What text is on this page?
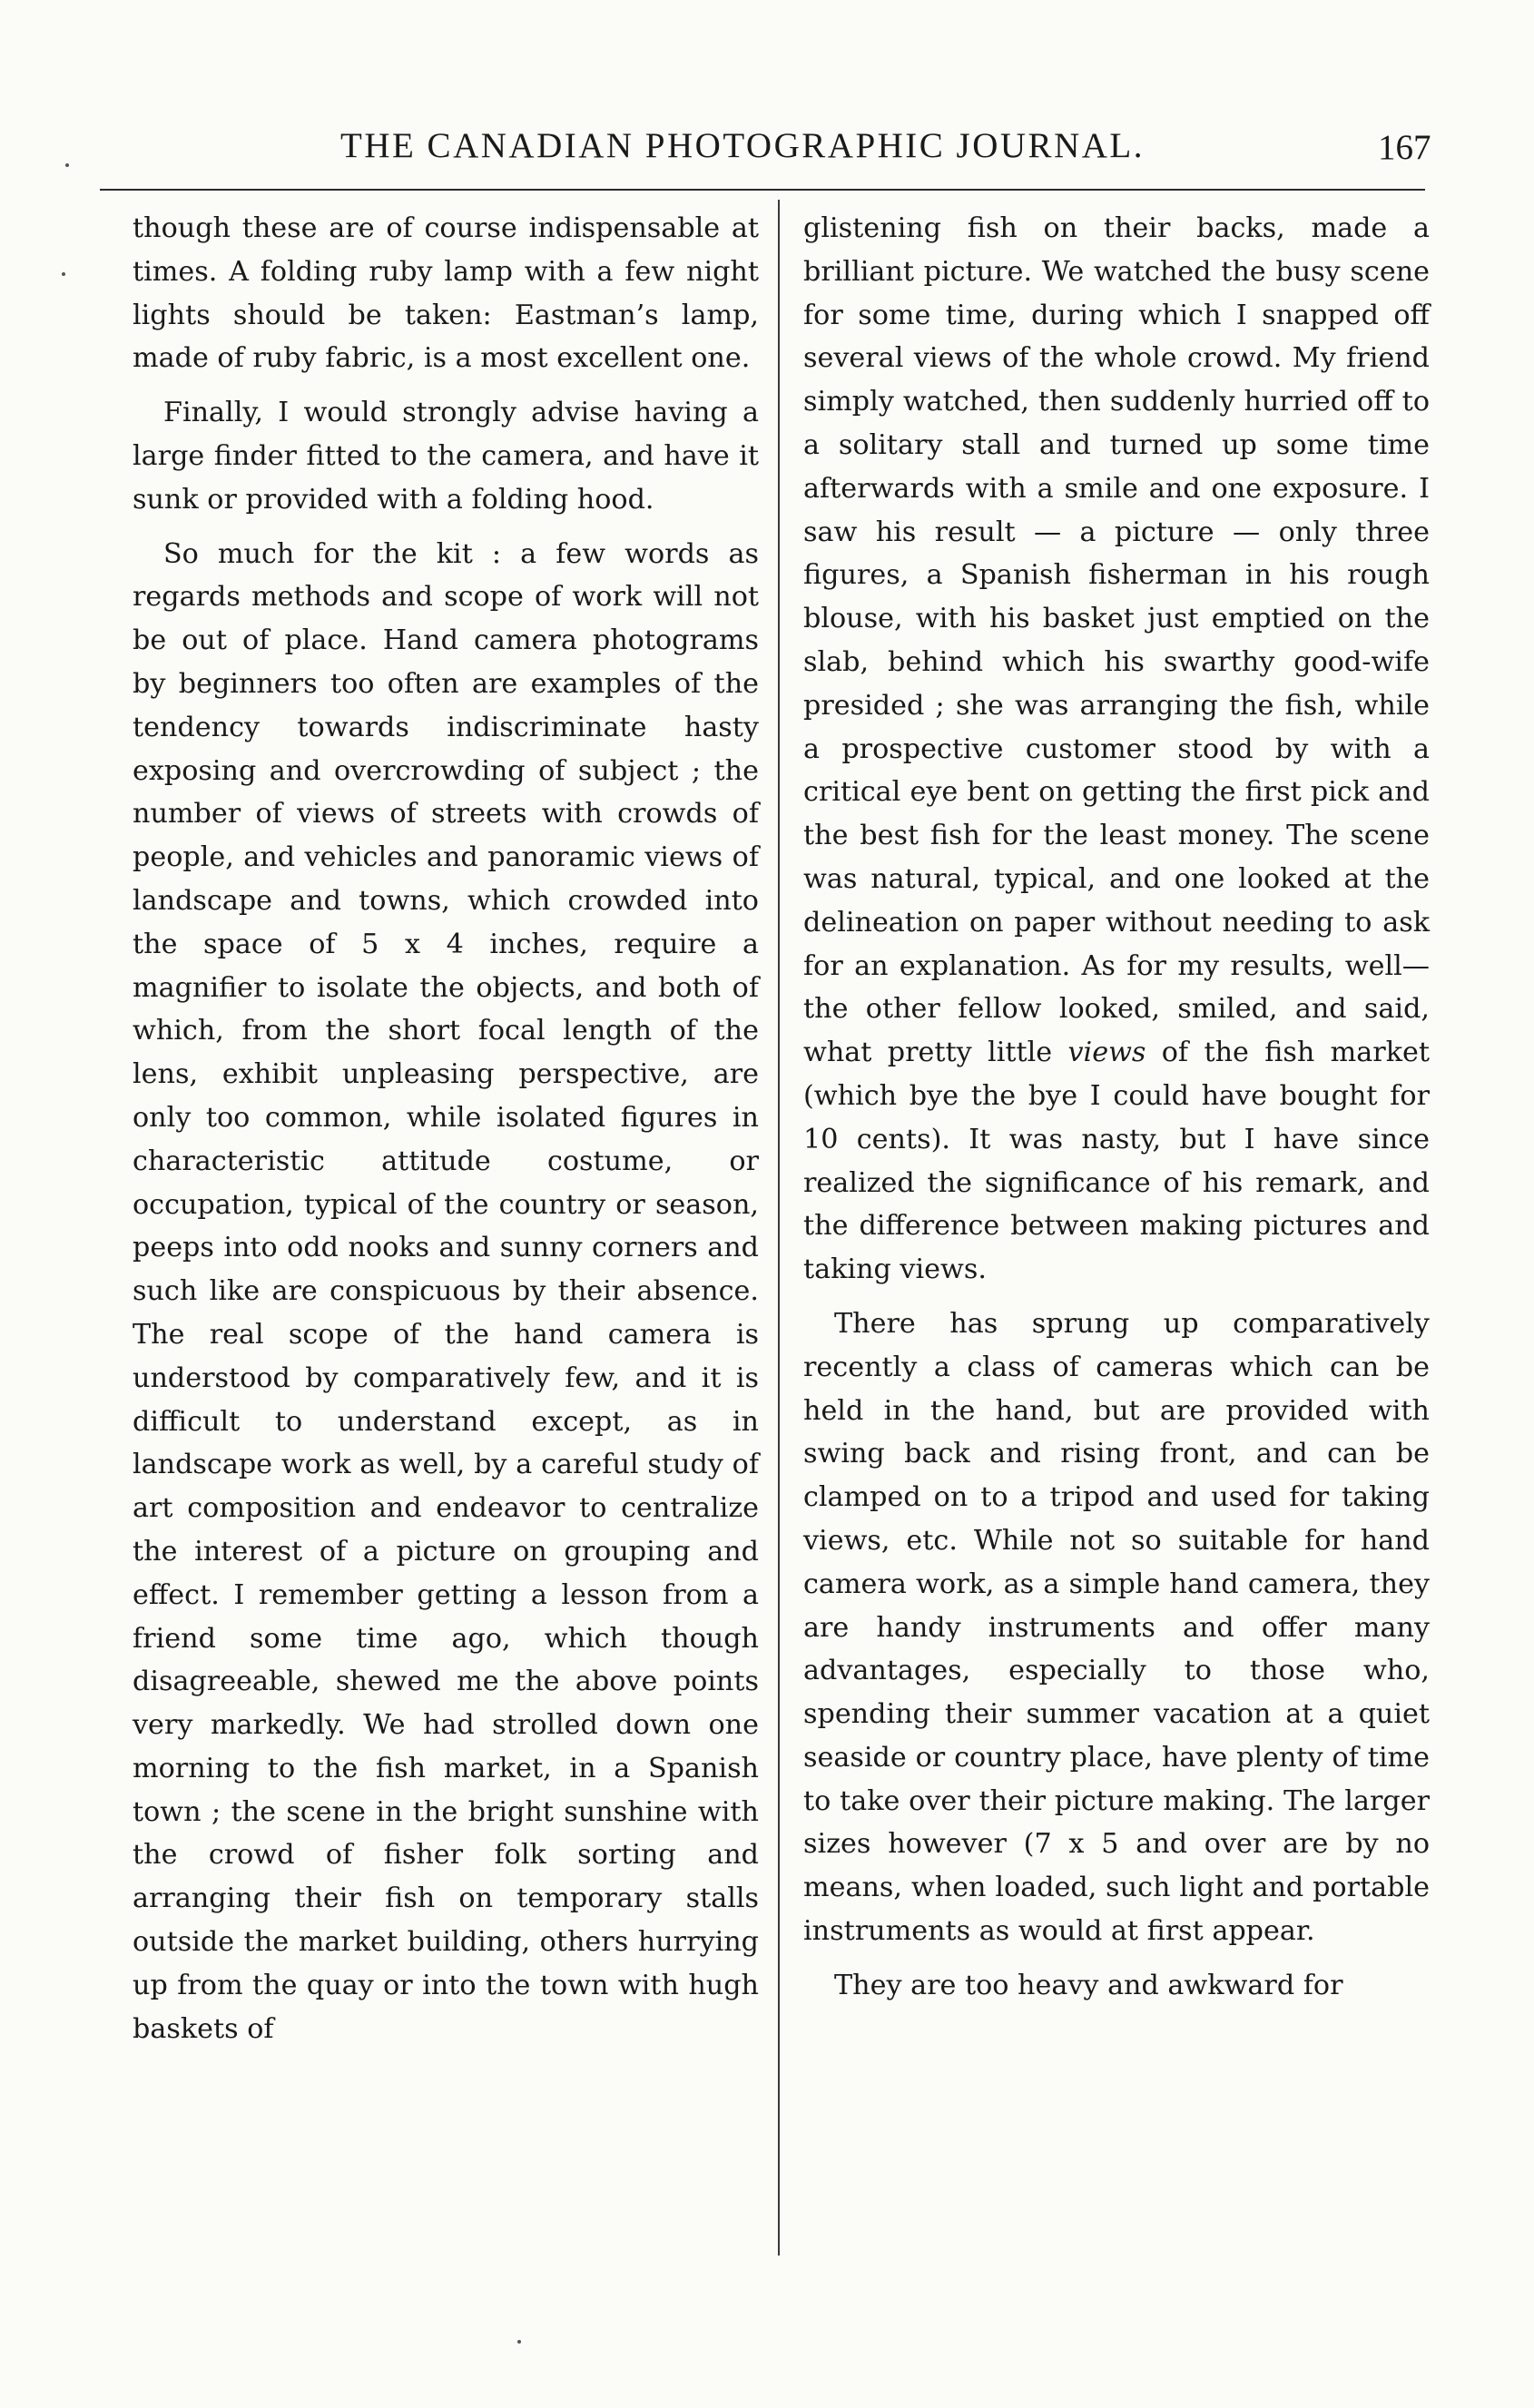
THE CANADIAN PHOTOGRAPHIC JOURNAL.	167

though these are of course indispensable at times. A folding ruby lamp with a few night lights should be taken: Eastman’s lamp, made of ruby fabric, is a most excellent one.

Finally, I would strongly advise having a large finder fitted to the camera, and have it sunk or provided with a folding hood.

So much for the kit : a few words as regards methods and scope of work will not be out of place. Hand camera photograms by beginners too often are examples of the tendency towards indiscriminate hasty exposing and overcrowding of subject ; the number of views of streets with crowds of people, and vehicles and panoramic views of landscape and towns, which crowded into the space of 5 x 4 inches, require a magnifier to isolate the objects, and both of which, from the short focal length of the lens, exhibit unpleasing perspective, are only too common, while isolated figures in characteristic attitude costume, or occupation, typical of the country or season, peeps into odd nooks and sunny corners and such like are conspicuous by their absence. The real scope of the hand camera is understood by comparatively few, and it is difficult to understand except, as in landscape work as well, by a careful study of art composition and endeavor to centralize the interest of a picture on grouping and effect. I remember getting a lesson from a friend some time ago, which though disagreeable, shewed me the above points very markedly. We had strolled down one morning to the fish market, in a Spanish town ; the scene in the bright sunshine with the crowd of fisher folk sorting and arranging their fish on temporary stalls outside the market building, others hurrying up from the quay or into the town with hugh baskets of

glistening fish on their backs, made a brilliant picture. We watched the busy scene for some time, during which I snapped off several views of the whole crowd. My friend simply watched, then suddenly hurried off to a solitary stall and turned up some time afterwards with a smile and one exposure. I saw his result — a picture — only three figures, a Spanish fisherman in his rough blouse, with his basket just emptied on the slab, behind which his swarthy good-wife presided ; she was arranging the fish, while a prospective customer stood by with a critical eye bent on getting the first pick and the best fish for the least money. The scene was natural, typical, and one looked at the delineation on paper without needing to ask for an explanation. As for my results, well—the other fellow looked, smiled, and said, what pretty little views of the fish market (which bye the bye I could have bought for 10 cents). It was nasty, but I have since realized the significance of his remark, and the difference between making pictures and taking views.

There has sprung up comparatively recently a class of cameras which can be held in the hand, but are provided with swing back and rising front, and can be clamped on to a tripod and used for taking views, etc. While not so suitable for hand camera work, as a simple hand camera, they are handy instruments and offer many advantages, especially to those who, spending their summer vacation at a quiet seaside or country place, have plenty of time to take over their picture making. The larger sizes however (7 x 5 and over are by no means, when loaded, such light and portable instruments as would at first appear.

They are too heavy and awkward for
